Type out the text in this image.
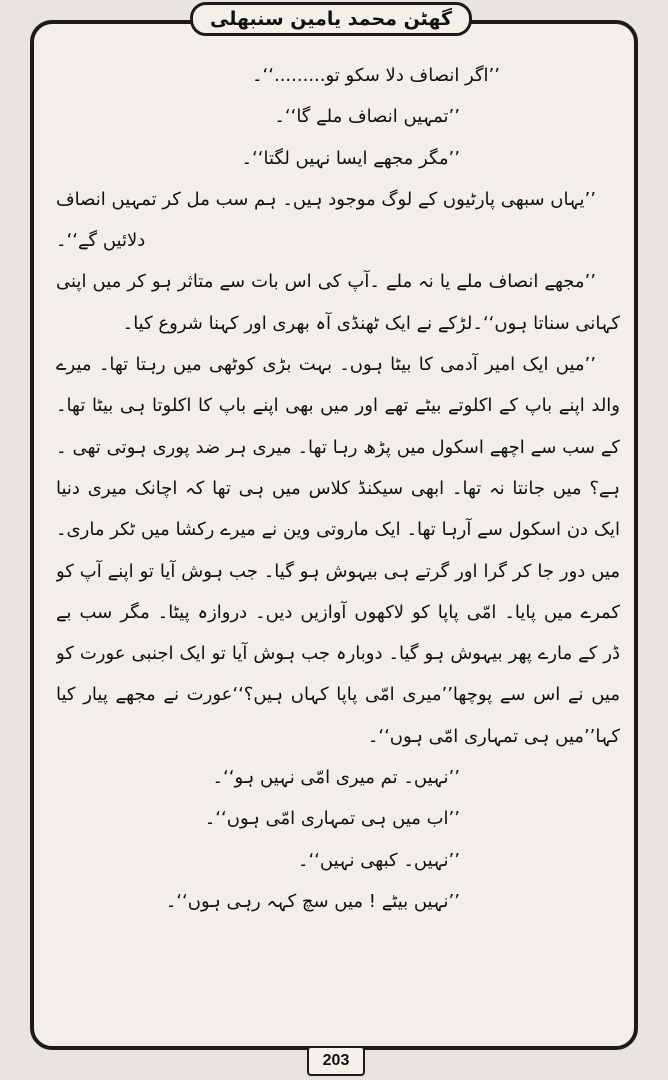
گھٹن محمد یامین سنبھلی
’’اگر انصاف دلا سکو تو.........‘‘۔
’’تمہیں انصاف ملے گا‘‘۔
’’مگر مجھے ایسا نہیں لگتا‘‘۔
’’یہاں سبھی پارٹیوں کے لوگ موجود ہیں۔ ہم سب مل کر تمہیں انصاف
دلائیں گے‘‘۔
’’مجھے انصاف ملے یا نہ ملے ۔آپ کی اس بات سے متاثر ہو کر میں اپنی
کہانی سناتا ہوں‘‘۔لڑکے نے ایک ٹھنڈی آہ بھری اور کہنا شروع کیا۔
’’میں ایک امیر آدمی کا بیٹا ہوں۔ بہت بڑی کوٹھی میں رہتا تھا۔ میرے
والد اپنے باپ کے اکلوتے بیٹے تھے اور میں بھی اپنے باپ کا اکلوتا ہی بیٹا تھا۔
کے سب سے اچھے اسکول میں پڑھ رہا تھا۔ میری ہر ضد پوری ہوتی تھی ۔
ہے؟ میں جانتا نہ تھا۔ ابھی سیکنڈ کلاس میں ہی تھا کہ اچانک میری دنیا
ایک دن اسکول سے آرہا تھا۔ ایک ماروتی وین نے میرے رکشا میں ٹکر ماری۔
میں دور جا کر گرا اور گرتے ہی بیہوش ہو گیا۔ جب ہوش آیا تو اپنے آپ کو
کمرے میں پایا۔ امّی پاپا کو لاکھوں آوازیں دیں۔ دروازہ پیٹا۔ مگر سب بے
ڈر کے مارے پھر بیہوش ہو گیا۔ دوبارہ جب ہوش آیا تو ایک اجنبی عورت کو
میں نے اس سے پوچھا’’میری امّی پاپا کہاں ہیں؟‘‘عورت نے مجھے پیار کیا
کہا’’میں ہی تمہاری امّی ہوں‘‘۔
’’نہیں۔ تم میری امّی نہیں ہو‘‘۔
’’اب میں ہی تمہاری امّی ہوں‘‘۔
’’نہیں۔ کبھی نہیں‘‘۔
’’نہیں بیٹے ! میں سچ کہہ رہی ہوں‘‘۔
203
